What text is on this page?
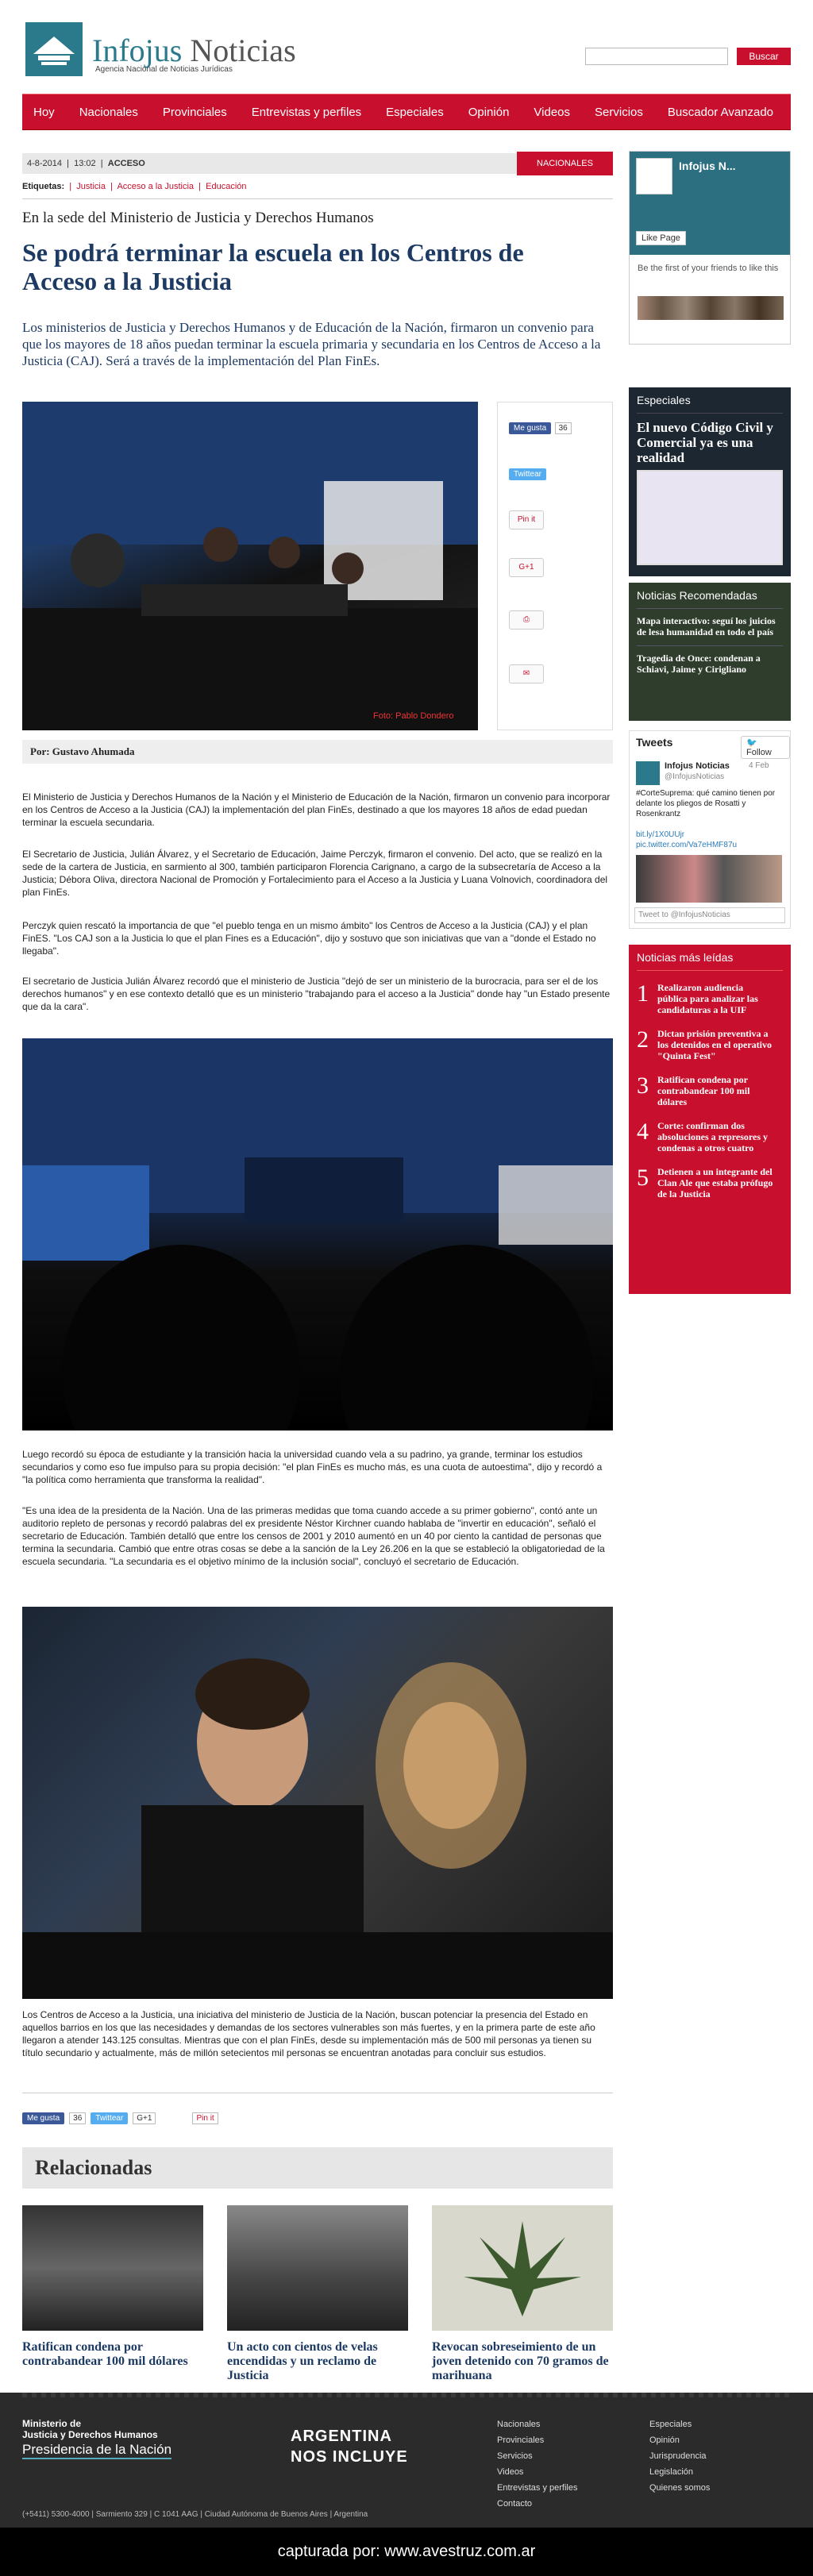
Infojus Noticias
Agencia Nacional de Noticias Jurídicas
Buscar
Hoy Nacionales Provinciales Entrevistas y perfiles Especiales Opinión Videos Servicios Buscador Avanzado
4-8-2014  |  13:02  |  ACCESO	NACIONALES
Etiquetas:  |  Justicia  |  Acceso a la Justicia  |  Educación
En la sede del Ministerio de Justicia y Derechos Humanos
Se podrá terminar la escuela en los Centros de Acceso a la Justicia
Los ministerios de Justicia y Derechos Humanos y de Educación de la Nación, firmaron un convenio para que los mayores de 18 años puedan terminar la escuela primaria y secundaria en los Centros de Acceso a la Justicia (CAJ). Será a través de la implementación del Plan FinEs.
Foto: Pablo Dondero
Me gusta 36
Twittear
Pin it
G+1
⎙
✉
Por: Gustavo Ahumada

El Ministerio de Justicia y Derechos Humanos de la Nación y el Ministerio de Educación de la Nación, firmaron un convenio para incorporar en los Centros de Acceso a la Justicia (CAJ) la implementación del plan FinEs, destinado a que los mayores 18 años de edad puedan terminar la escuela secundaria.

El Secretario de Justicia, Julián Álvarez, y el Secretario de Educación, Jaime Perczyk, firmaron el convenio. Del acto, que se realizó en la sede de la cartera de Justicia, en sarmiento al 300, también participaron Florencia Carignano, a cargo de la subsecretaría de Acceso a la Justicia; Débora Oliva, directora Nacional de Promoción y Fortalecimiento para el Acceso a la Justicia y Luana Volnovich, coordinadora del plan FinEs.

Perczyk quien rescató la importancia de que "el pueblo tenga en un mismo ámbito" los Centros de Acceso a la Justicia (CAJ) y el plan FinES. "Los CAJ son a la Justicia lo que el plan Fines es a Educación", dijo y sostuvo que son iniciativas que van a "donde el Estado no llegaba".

El secretario de Justicia Julián Álvarez recordó que el ministerio de Justicia "dejó de ser un ministerio de la burocracia, para ser el de los derechos humanos" y en ese contexto detalló que es un ministerio "trabajando para el acceso a la Justicia" donde hay "un Estado presente que da la cara".

Luego recordó su época de estudiante y la transición hacia la universidad cuando vela a su padrino, ya grande, terminar los estudios secundarios y como eso fue impulso para su propia decisión: "el plan FinEs es mucho más, es una cuota de autoestima", dijo y recordó a "la política como herramienta que transforma la realidad".

"Es una idea de la presidenta de la Nación. Una de las primeras medidas que toma cuando accede a su primer gobierno", contó ante un auditorio repleto de personas y recordó palabras del ex presidente Néstor Kirchner cuando hablaba de "invertir en educación", señaló el secretario de Educación. También detalló que entre los censos de 2001 y 2010 aumentó en un 40 por ciento la cantidad de personas que termina la secundaria. Cambió que entre otras cosas se debe a la sanción de la Ley 26.206 en la que se estableció la obligatoriedad de la escuela secundaria. "La secundaria es el objetivo mínimo de la inclusión social", concluyó el secretario de Educación.

Los Centros de Acceso a la Justicia, una iniciativa del ministerio de Justicia de la Nación, buscan potenciar la presencia del Estado en aquellos barrios en los que las necesidades y demandas de los sectores vulnerables son más fuertes, y en la primera parte de este año llegaron a atender 143.125 consultas. Mientras que con el plan FinEs, desde su implementación más de 500 mil personas ya tienen su título secundario y actualmente, más de millón setecientos mil personas se encuentran anotadas para concluir sus estudios.

Me gusta	36	Twittear	G+1	Pin it
Relacionadas
Ratifican condena por contrabandear 100 mil dólares
Un acto con cientos de velas encendidas y un reclamo de Justicia
Revocan sobreseimiento de un joven detenido con 70 gramos de marihuana
Infojus N...
Like Page
Be the first of your friends to like this
Especiales
El nuevo Código Civil y Comercial ya es una realidad
Noticias Recomendadas
Mapa interactivo: seguí los juicios de lesa humanidad en todo el país
Tragedia de Once: condenan a Schiavi, Jaime y Cirigliano
Tweets	🐦 Follow
Infojus Noticias 4 Feb
@InfojusNoticias
#CorteSuprema: qué camino tienen por delante los pliegos de Rosatti y Rosenkrantz
bit.ly/1X0UUjr pic.twitter.com/Va7eHMF87u
Tweet to @InfojusNoticias
Noticias más leídas
1 Realizaron audiencia pública para analizar las candidaturas a la UIF
2 Dictan prisión preventiva a los detenidos en el operativo "Quinta Fest"
3 Ratifican condena por contrabandear 100 mil dólares
4 Corte: confirman dos absoluciones a represores y condenas a otros cuatro
5 Detienen a un integrante del Clan Ale que estaba prófugo de la Justicia
Ministerio de
Justicia y Derechos Humanos
Presidencia de la Nación
ARGENTINA
NOS INCLUYE
(+5411) 5300-4000 | Sarmiento 329 | C 1041 AAG | Ciudad Autónoma de Buenos Aires | Argentina
Nacionales
Provinciales
Servicios
Videos
Entrevistas y perfiles
Contacto
Especiales
Opinión
Jurisprudencia
Legislación
Quienes somos
capturada por: www.avestruz.com.ar
